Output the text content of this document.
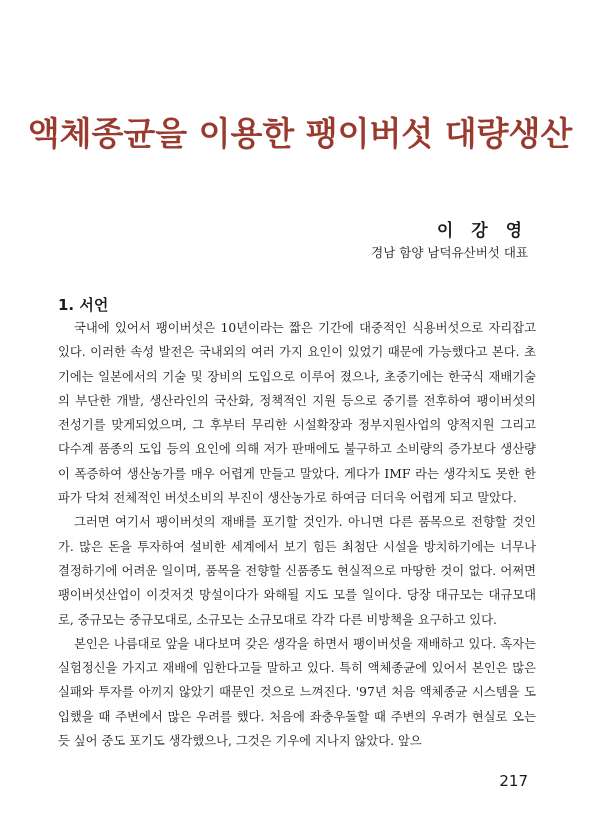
액체종균을 이용한 팽이버섯 대량생산
이 강 영
경남 함양 남덕유산버섯 대표
1. 서언

국내에 있어서 팽이버섯은 10년이라는 짧은 기간에 대중적인 식용버섯으로 자리잡고 있다. 이러한 속성 발전은 국내외의 여러 가지 요인이 있었기 때문에 가능했다고 본다. 초기에는 일본에서의 기술 및 장비의 도입으로 이루어 졌으나, 초중기에는 한국식 재배기술의 부단한 개발, 생산라인의 국산화, 정책적인 지원 등으로 중기를 전후하여 팽이버섯의 전성기를 맞게되었으며, 그 후부터 무리한 시설확장과 정부지원사업의 양적지원 그리고 다수계 품종의 도입 등의 요인에 의해 저가 판매에도 불구하고 소비량의 증가보다 생산량이 폭증하여 생산농가를 매우 어렵게 만들고 말았다. 게다가 IMF 라는 생각치도 못한 한파가 닥쳐 전체적인 버섯소비의 부진이 생산농가로 하여금 더더욱 어렵게 되고 말았다.

그러면 여기서 팽이버섯의 재배를 포기할 것인가. 아니면 다른 품목으로 전향할 것인가. 많은 돈을 투자하여 설비한 세계에서 보기 힘든 최첨단 시설을 방치하기에는 너무나 결정하기에 어려운 일이며, 품목을 전향할 신품종도 현실적으로 마땅한 것이 없다. 어쩌면 팽이버섯산업이 이것저것 망설이다가 와해될 지도 모를 일이다. 당장 대규모는 대규모대로, 중규모는 중규모대로, 소규모는 소규모대로 각각 다른 비방책을 요구하고 있다.

본인은 나름대로 앞을 내다보며 갖은 생각을 하면서 팽이버섯을 재배하고 있다. 혹자는 실험정신을 가지고 재배에 임한다고들 말하고 있다. 특히 액체종균에 있어서 본인은 많은 실패와 투자를 아끼지 않았기 때문인 것으로 느껴진다. '97년 처음 액체종균 시스템을 도입했을 때 주변에서 많은 우려를 했다. 처음에 좌충우돌할 때 주변의 우려가 현실로 오는 듯 싶어 중도 포기도 생각했으나, 그것은 기우에 지나지 않았다. 앞으

217
